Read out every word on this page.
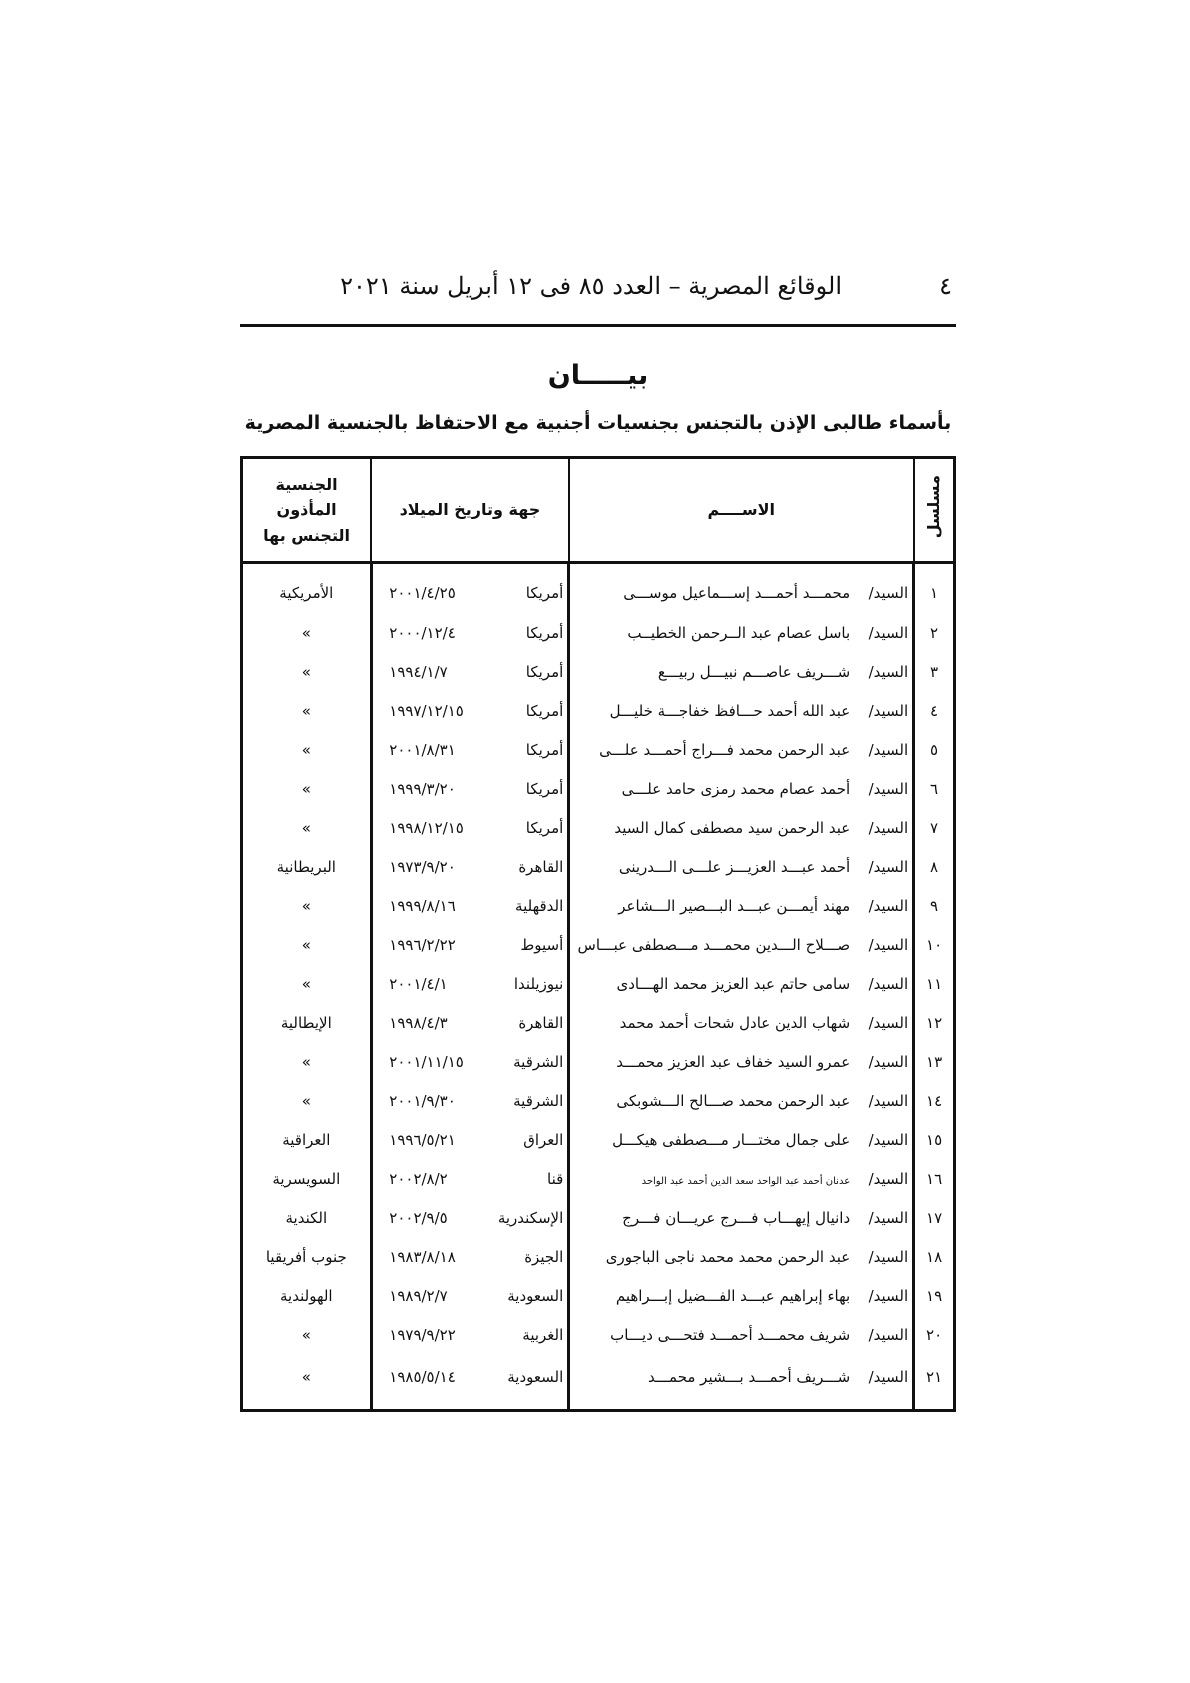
٤
الوقائع المصرية – العدد ٨٥ فى ١٢ أبريل سنة ٢٠٢١
بيـــــان
بأسماء طالبى الإذن بالتجنس بجنسيات أجنبية مع الاحتفاظ بالجنسية المصرية
مسلسل	الاســــم	جهة وتاريخ الميلاد	الجنسية المأذون التجنس بها
١	السيد/محمـــد أحمـــد إســـماعيل موســـى	أمريكا٢٠٠١/٤/٢٥	الأمريكية
٢	السيد/باسل عصام عبد الــرحمن الخطيــب	أمريكا٢٠٠٠/١٢/٤	»
٣	السيد/شـــريف عاصـــم نبيـــل ربيـــع	أمريكا١٩٩٤/١/٧	»
٤	السيد/عبد الله أحمد حـــافظ خفاجـــة خليـــل	أمريكا١٩٩٧/١٢/١٥	»
٥	السيد/عبد الرحمن محمد فـــراج أحمـــد علـــى	أمريكا٢٠٠١/٨/٣١	»
٦	السيد/أحمد عصام محمد رمزى حامد علـــى	أمريكا١٩٩٩/٣/٢٠	»
٧	السيد/عبد الرحمن سيد مصطفى كمال السيد	أمريكا١٩٩٨/١٢/١٥	»
٨	السيد/أحمد عبـــد العزيـــز علـــى الـــدرينى	القاهرة١٩٧٣/٩/٢٠	البريطانية
٩	السيد/مهند أيمـــن عبـــد البـــصير الـــشاعر	الدقهلية١٩٩٩/٨/١٦	»
١٠	السيد/صـــلاح الـــدين محمـــد مـــصطفى عبـــاس	أسيوط١٩٩٦/٢/٢٢	»
١١	السيد/سامى حاتم عبد العزيز محمد الهـــادى	نيوزيلندا٢٠٠١/٤/١	»
١٢	السيد/شهاب الدين عادل شحات أحمد محمد	القاهرة١٩٩٨/٤/٣	الإيطالية
١٣	السيد/عمرو السيد خفاف عبد العزيز محمـــد	الشرقية٢٠٠١/١١/١٥	»
١٤	السيد/عبد الرحمن محمد صـــالح الـــشوبكى	الشرقية٢٠٠١/٩/٣٠	»
١٥	السيد/على جمال مختـــار مـــصطفى هيكـــل	العراق١٩٩٦/٥/٢١	العراقية
١٦	السيد/عدنان أحمد عبد الواحد سعد الدين أحمد عبد الواحد	قنا٢٠٠٢/٨/٢	السويسرية
١٧	السيد/دانيال إيهـــاب فـــرج عريـــان فـــرج	الإسكندرية٢٠٠٢/٩/٥	الكندية
١٨	السيد/عبد الرحمن محمد محمد ناجى الباجورى	الجيزة١٩٨٣/٨/١٨	جنوب أفريقيا
١٩	السيد/بهاء إبراهيم عبـــد الفـــضيل إبـــراهيم	السعودية١٩٨٩/٢/٧	الهولندية
٢٠	السيد/شريف محمـــد أحمـــد فتحـــى ديـــاب	الغربية١٩٧٩/٩/٢٢	»
٢١	السيد/شـــريف أحمـــد بـــشير محمـــد	السعودية١٩٨٥/٥/١٤	»
